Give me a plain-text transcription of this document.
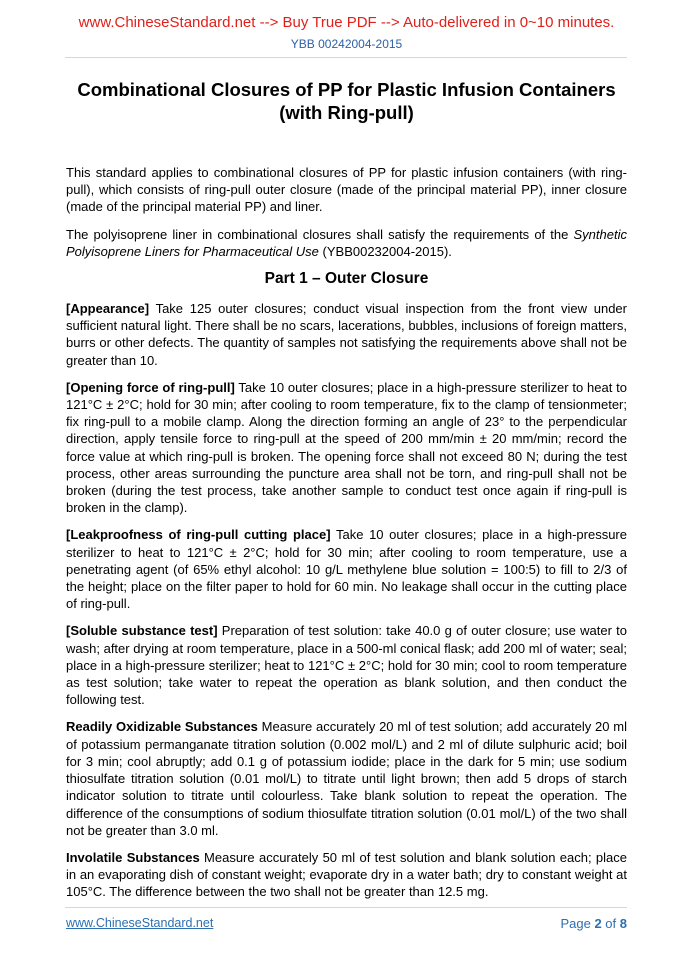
www.ChineseStandard.net --> Buy True PDF --> Auto-delivered in 0~10 minutes.
YBB 00242004-2015
Combinational Closures of PP for Plastic Infusion Containers (with Ring-pull)

This standard applies to combinational closures of PP for plastic infusion containers (with ring-pull), which consists of ring-pull outer closure (made of the principal material PP), inner closure (made of the principal material PP) and liner.

The polyisoprene liner in combinational closures shall satisfy the requirements of the Synthetic Polyisoprene Liners for Pharmaceutical Use (YBB00232004-2015).

Part 1 – Outer Closure

[Appearance] Take 125 outer closures; conduct visual inspection from the front view under sufficient natural light. There shall be no scars, lacerations, bubbles, inclusions of foreign matters, burrs or other defects. The quantity of samples not satisfying the requirements above shall not be greater than 10.

[Opening force of ring-pull] Take 10 outer closures; place in a high-pressure sterilizer to heat to 121°C ± 2°C; hold for 30 min; after cooling to room temperature, fix to the clamp of tensionmeter; fix ring-pull to a mobile clamp. Along the direction forming an angle of 23° to the perpendicular direction, apply tensile force to ring-pull at the speed of 200 mm/min ± 20 mm/min; record the force value at which ring-pull is broken. The opening force shall not exceed 80 N; during the test process, other areas surrounding the puncture area shall not be torn, and ring-pull shall not be broken (during the test process, take another sample to conduct test once again if ring-pull is broken in the clamp).

[Leakproofness of ring-pull cutting place] Take 10 outer closures; place in a high-pressure sterilizer to heat to 121°C ± 2°C; hold for 30 min; after cooling to room temperature, use a penetrating agent (of 65% ethyl alcohol: 10 g/L methylene blue solution = 100:5) to fill to 2/3 of the height; place on the filter paper to hold for 60 min. No leakage shall occur in the cutting place of ring-pull.

[Soluble substance test] Preparation of test solution: take 40.0 g of outer closure; use water to wash; after drying at room temperature, place in a 500-ml conical flask; add 200 ml of water; seal; place in a high-pressure sterilizer; heat to 121°C ± 2°C; hold for 30 min; cool to room temperature as test solution; take water to repeat the operation as blank solution, and then conduct the following test.

Readily Oxidizable Substances Measure accurately 20 ml of test solution; add accurately 20 ml of potassium permanganate titration solution (0.002 mol/L) and 2 ml of dilute sulphuric acid; boil for 3 min; cool abruptly; add 0.1 g of potassium iodide; place in the dark for 5 min; use sodium thiosulfate titration solution (0.01 mol/L) to titrate until light brown; then add 5 drops of starch indicator solution to titrate until colourless. Take blank solution to repeat the operation. The difference of the consumptions of sodium thiosulfate titration solution (0.01 mol/L) of the two shall not be greater than 3.0 ml.

Involatile Substances Measure accurately 50 ml of test solution and blank solution each; place in an evaporating dish of constant weight; evaporate dry in a water bath; dry to constant weight at 105°C. The difference between the two shall not be greater than 12.5 mg.

www.ChineseStandard.net	Page 2 of 8
